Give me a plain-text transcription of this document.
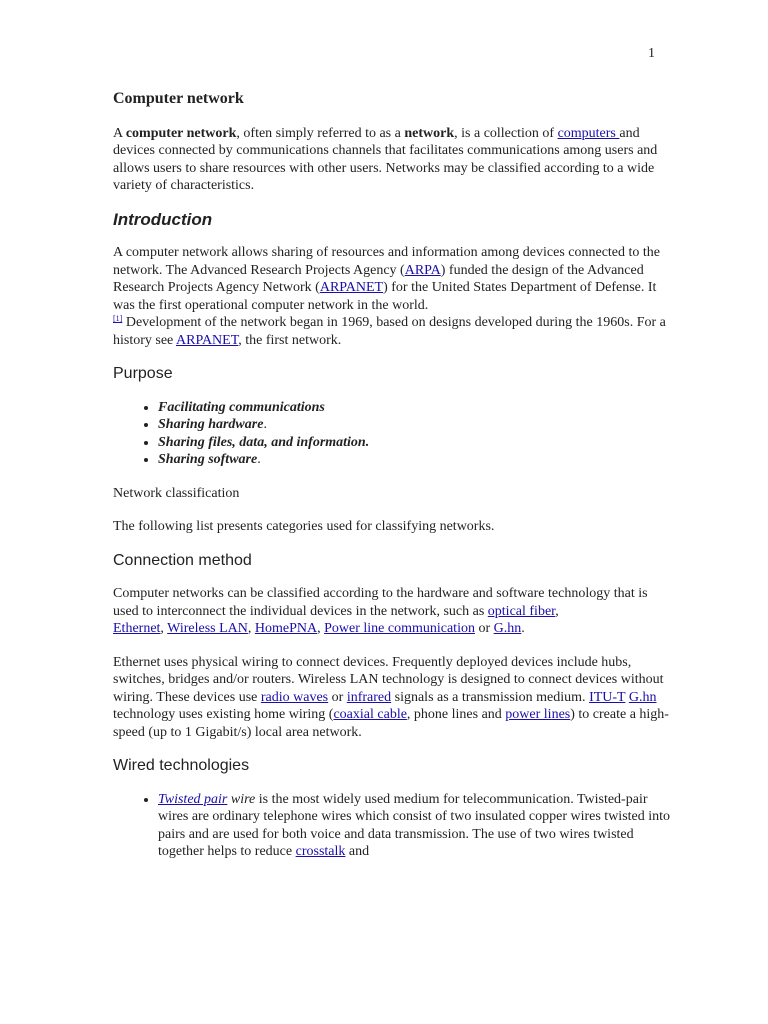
1
Computer network

A computer network, often simply referred to as a network, is a collection of computers and devices connected by communications channels that facilitates communications among users and allows users to share resources with other users. Networks may be classified according to a wide variety of characteristics.

Introduction

A computer network allows sharing of resources and information among devices connected to the network. The Advanced Research Projects Agency (ARPA) funded the design of the Advanced Research Projects Agency Network (ARPANET) for the United States Department of Defense. It was the first operational computer network in the world.
[1] Development of the network began in 1969, based on designs developed during the 1960s. For a history see ARPANET, the first network.

Purpose
• Facilitating communications
• Sharing hardware.
• Sharing files, data, and information.
• Sharing software.

Network classification

The following list presents categories used for classifying networks.

Connection method

Computer networks can be classified according to the hardware and software technology that is used to interconnect the individual devices in the network, such as optical fiber,
Ethernet, Wireless LAN, HomePNA, Power line communication or G.hn.

Ethernet uses physical wiring to connect devices. Frequently deployed devices include hubs, switches, bridges and/or routers. Wireless LAN technology is designed to connect devices without wiring. These devices use radio waves or infrared signals as a transmission medium. ITU-T G.hn technology uses existing home wiring (coaxial cable, phone lines and power lines) to create a high-speed (up to 1 Gigabit/s) local area network.

Wired technologies
• Twisted pair wire is the most widely used medium for telecommunication. Twisted-pair wires are ordinary telephone wires which consist of two insulated copper wires twisted into pairs and are used for both voice and data transmission. The use of two wires twisted together helps to reduce crosstalk and
